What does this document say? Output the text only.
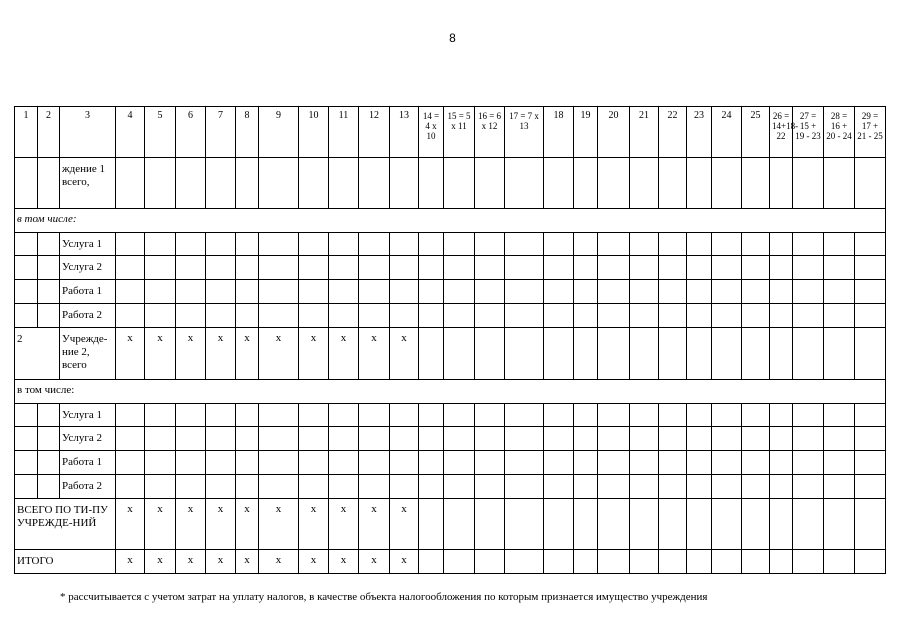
8
1	2	3	4	5	6	7	8	9	10	11	12	13	14 = 4 x 10	15 = 5 x 11	16 = 6 x 12	17 = 7 x 13	18	19	20	21	22	23	24	25	26 = 14+18-22	27 = 15 + 19 - 23	28 = 16 + 20 - 24	29 = 17 + 21 - 25
		ждение 1 всего,																										
в том числе:																												
		Услуга 1																										
		Услуга 2																										
		Работа 1																										
		Работа 2																										
2		Учрежде-ние 2, всего	х	х	х	х	х	х	х	х	х	х																
в том числе:																												
		Услуга 1																										
		Услуга 2																										
		Работа 1																										
		Работа 2																										
ВСЕГО ПО ТИ-ПУ УЧРЕЖДЕ-НИЙ			х	х	х	х	х	х	х	х	х	х																
ИТОГО			х	х	х	х	х	х	х	х	х	х																
* рассчитывается с учетом затрат на уплату налогов, в качестве объекта налогообложения по которым признается имущество учреждения
